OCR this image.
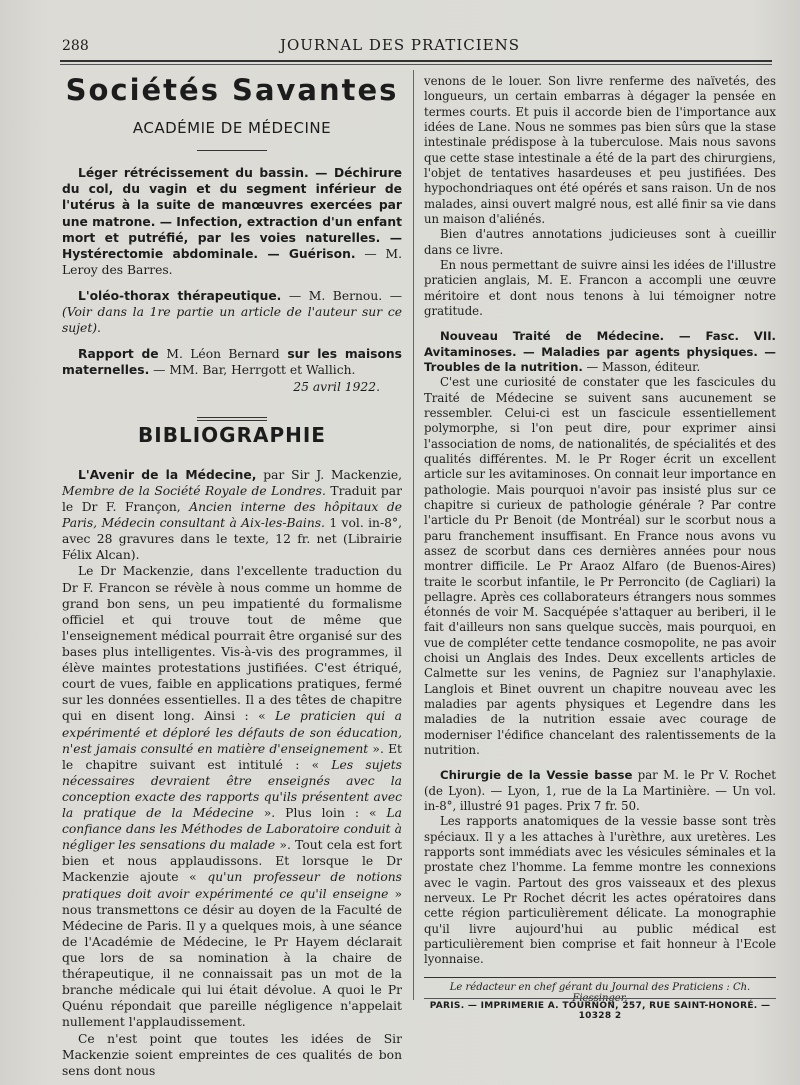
288	JOURNAL DES PRATICIENS
Sociétés Savantes
ACADÉMIE DE MÉDECINE

Léger rétrécissement du bassin. — Déchirure du col, du vagin et du segment inférieur de l'utérus à la suite de manœuvres exercées par une matrone. — Infection, extraction d'un enfant mort et putréfié, par les voies naturelles. — Hystérectomie abdominale. — Guérison. — M. Leroy des Barres.

L'oléo-thorax thérapeutique. — M. Bernou. — (Voir dans la 1re partie un article de l'auteur sur ce sujet).

Rapport de M. Léon Bernard sur les maisons maternelles. — MM. Bar, Herrgott et Wallich.

25 avril 1922.

BIBLIOGRAPHIE

L'Avenir de la Médecine, par Sir J. Mackenzie, Membre de la Société Royale de Londres. Traduit par le Dr F. Françon, Ancien interne des hôpitaux de Paris, Médecin consultant à Aix-les-Bains. 1 vol. in-8°, avec 28 gravures dans le texte, 12 fr. net (Librairie Félix Alcan).

Le Dr Mackenzie, dans l'excellente traduction du Dr F. Francon se révèle à nous comme un homme de grand bon sens, un peu impatienté du formalisme officiel et qui trouve tout de même que l'enseignement médical pourrait être organisé sur des bases plus intelligentes. Vis-à-vis des programmes, il élève maintes protestations justifiées. C'est étriqué, court de vues, faible en applications pratiques, fermé sur les données essentielles. Il a des têtes de chapitre qui en disent long. Ainsi : « Le praticien qui a expérimenté et déploré les défauts de son éducation, n'est jamais consulté en matière d'enseignement ». Et le chapitre suivant est intitulé : « Les sujets nécessaires devraient être enseignés avec la conception exacte des rapports qu'ils présentent avec la pratique de la Médecine ». Plus loin : « La confiance dans les Méthodes de Laboratoire conduit à négliger les sensations du malade ». Tout cela est fort bien et nous applaudissons. Et lorsque le Dr Mackenzie ajoute « qu'un professeur de notions pratiques doit avoir expérimenté ce qu'il enseigne » nous transmettons ce désir au doyen de la Faculté de Médecine de Paris. Il y a quelques mois, à une séance de l'Académie de Médecine, le Pr Hayem déclarait que lors de sa nomination à la chaire de thérapeutique, il ne connaissait pas un mot de la branche médicale qui lui était dévolue. A quoi le Pr Quénu répondait que pareille négligence n'appelait nullement l'applaudissement.

Ce n'est point que toutes les idées de Sir Mackenzie soient empreintes de ces qualités de bon sens dont nous

venons de le louer. Son livre renferme des naïvetés, des longueurs, un certain embarras à dégager la pensée en termes courts. Et puis il accorde bien de l'importance aux idées de Lane. Nous ne sommes pas bien sûrs que la stase intestinale prédispose à la tuberculose. Mais nous savons que cette stase intestinale a été de la part des chirurgiens, l'objet de tentatives hasardeuses et peu justifiées. Des hypochondriaques ont été opérés et sans raison. Un de nos malades, ainsi ouvert malgré nous, est allé finir sa vie dans un maison d'aliénés.

Bien d'autres annotations judicieuses sont à cueillir dans ce livre.

En nous permettant de suivre ainsi les idées de l'illustre praticien anglais, M. E. Francon a accompli une œuvre méritoire et dont nous tenons à lui témoigner notre gratitude.

Nouveau Traité de Médecine. — Fasc. VII. Avitaminoses. — Maladies par agents physiques. — Troubles de la nutrition. — Masson, éditeur.

C'est une curiosité de constater que les fascicules du Traité de Médecine se suivent sans aucunement se ressembler. Celui-ci est un fascicule essentiellement polymorphe, si l'on peut dire, pour exprimer ainsi l'association de noms, de nationalités, de spécialités et des qualités différentes. M. le Pr Roger écrit un excellent article sur les avitaminoses. On connait leur importance en pathologie. Mais pourquoi n'avoir pas insisté plus sur ce chapitre si curieux de pathologie générale ? Par contre l'article du Pr Benoit (de Montréal) sur le scorbut nous a paru franchement insuffisant. En France nous avons vu assez de scorbut dans ces dernières années pour nous montrer difficile. Le Pr Araoz Alfaro (de Buenos-Aires) traite le scorbut infantile, le Pr Perroncito (de Cagliari) la pellagre. Après ces collaborateurs étrangers nous sommes étonnés de voir M. Sacquépée s'attaquer au beriberi, il le fait d'ailleurs non sans quelque succès, mais pourquoi, en vue de compléter cette tendance cosmopolite, ne pas avoir choisi un Anglais des Indes. Deux excellents articles de Calmette sur les venins, de Pagniez sur l'anaphylaxie. Langlois et Binet ouvrent un chapitre nouveau avec les maladies par agents physiques et Legendre dans les maladies de la nutrition essaie avec courage de moderniser l'édifice chancelant des ralentissements de la nutrition.

Chirurgie de la Vessie basse par M. le Pr V. Rochet (de Lyon). — Lyon, 1, rue de la La Martinière. — Un vol. in-8°, illustré 91 pages. Prix 7 fr. 50.

Les rapports anatomiques de la vessie basse sont très spéciaux. Il y a les attaches à l'urèthre, aux uretères. Les rapports sont immédiats avec les vésicules séminales et la prostate chez l'homme. La femme montre les connexions avec le vagin. Partout des gros vaisseaux et des plexus nerveux. Le Pr Rochet décrit les actes opératoires dans cette région particulièrement délicate. La monographie qu'il livre aujourd'hui au public médical est particulièrement bien comprise et fait honneur à l'Ecole lyonnaise.

Le rédacteur en chef gérant du Journal des Praticiens : Ch. Fiessinger.
PARIS. — IMPRIMERIE A. TOURNON, 257, RUE SAINT-HONORÉ. — 10328 2
